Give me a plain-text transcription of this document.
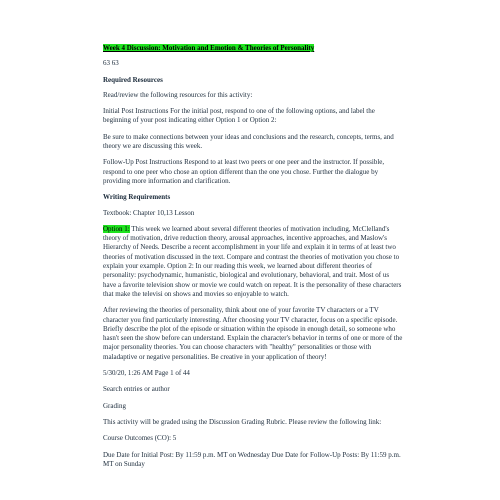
Week 4 Discussion: Motivation and Emotion & Theories of Personality

63 63

Required Resources

Read/review the following resources for this activity:

Initial Post Instructions For the initial post, respond to one of the following options, and label the beginning of your post indicating either Option 1 or Option 2:

Be sure to make connections between your ideas and conclusions and the research, concepts, terms, and theory we are discussing this week.

Follow-Up Post Instructions Respond to at least two peers or one peer and the instructor. If possible, respond to one peer who chose an option different than the one you chose. Further the dialogue by providing more information and clarification.

Writing Requirements

Textbook: Chapter 10,13 Lesson

Option 1: This week we learned about several different theories of motivation including, McClelland's theory of motivation, drive reduction theory, arousal approaches, incentive approaches, and Maslow's Hierarchy of Needs. Describe a recent accomplishment in your life and explain it in terms of at least two theories of motivation discussed in the text. Compare and contrast the theories of motivation you chose to explain your example. Option 2: In our reading this week, we learned about different theories of personality: psychodynamic, humanistic, biological and evolutionary, behavioral, and trait. Most of us have a favorite television show or movie we could watch on repeat. It is the personality of these characters that make the televisi on shows and movies so enjoyable to watch.

After reviewing the theories of personality, think about one of your favorite TV characters or a TV character you find particularly interesting. After choosing your TV character, focus on a specific episode. Briefly describe the plot of the episode or situation within the episode in enough detail, so someone who hasn't seen the show before can understand. Explain the character's behavior in terms of one or more of the major personality theories. You can choose characters with "healthy" personalities or those with maladaptive or negative personalities. Be creative in your application of theory!

5/30/20, 1:26 AM Page 1 of 44

Search entries or author

Grading

This activity will be graded using the Discussion Grading Rubric. Please review the following link:

Course Outcomes (CO): 5

Due Date for Initial Post: By 11:59 p.m. MT on Wednesday Due Date for Follow-Up Posts: By 11:59 p.m. MT on Sunday
